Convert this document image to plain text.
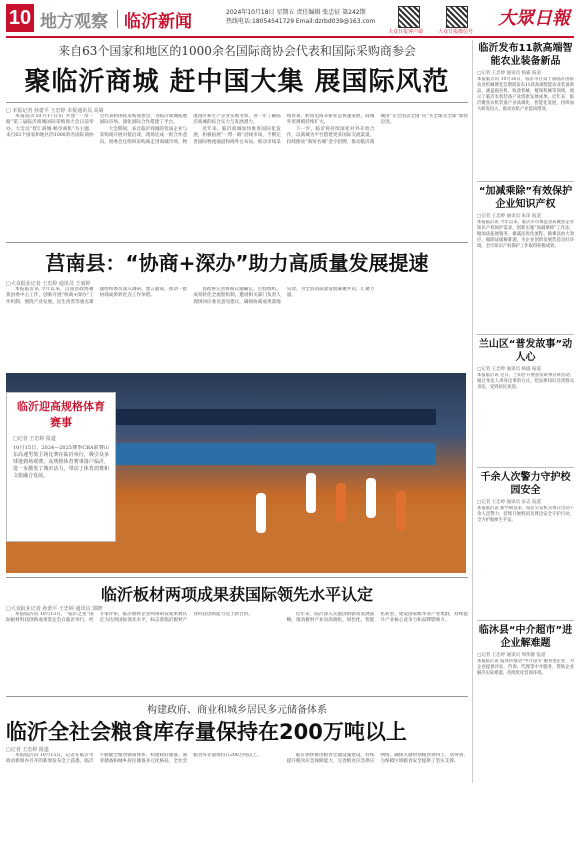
10 地方观察 临沂新闻	2024年10月18日 星期五 责任编辑 张忠征 第242期
热线电话:18054541729 Email:dzrbd039@163.com
大众日报客户端	大众日报微信号
大眾日報
来自63个国家和地区的1000余名国际商协会代表和国际采购商参会
聚临沂商城 赶中国大集 展国际风范
□ 本报记者 孙蕾平 王忠婷 本报通讯员 高婧

本报临沂10月17日讯 共建“一带一路”第三届临沂商城国际采购商大会日前举办。大会以“智汇商城·畅享商机”为主题，来自63个国家和地区的1000余名国际商协会代表和国际采购商参会，为临沂商城拓展国际市场、深化国际合作搭建了平台。

大会期间，来自临沂商城的优质企业与采购商开展对接洽谈，现场达成一批合作意向。组委会还组织采购商走进商城市场、物流园区和生产企业实地考察，进一步了解临沂商城的综合实力与发展潜力。

近年来，临沂商城加快推进国际化发展，积极拓展“一带一路”沿线市场，不断完善国际物流通道和海外仓布局，推动市场采购贸易、跨境电商等新业态快速发展，商城外贸规模持续扩大。

下一步，临沂将持续深化对外开放合作，以商城为平台搭建更多国际交流渠道，持续擦亮“商贸名城”金字招牌，推动临沂商城由“买全国卖全国”向“买全球卖全球”加快迈进。

莒南县：“协商+深办”助力高质量发展提速
□大众报业记者 王忠婷 通讯员 王雨婷

本报临沂讯 今年以来，莒南县政协聚焦县委中心工作，创新开展“协商+深办”工作机制，围绕产业发展、民生改善等重点课题组织委员深入调研、建言献策，推动一批协商成果转化为工作举措。

县政协完善协商议题确定、过程组织、成果转化全流程机制，邀请相关部门负责人现场回应委员意见建议，确保协商成果落地见效，为全县高质量发展凝聚共识、汇聚力量。

临沂板材两项成果获国际领先水平认定
□大众报业记者 孙蕾平 王忠婷 通讯员 郭晓

本报临沂讯 10月13日，“临沂之星”国际板材科技创新成果鉴定会在临沂举行。经专家评审，临沂板材企业两项研发成果被认定为达到国际领先水平，标志着临沂板材产业科技创新能力迈上新台阶。	近年来，临沂深入实施创新驱动发展战略，推动板材产业向高端化、绿色化、智能化转型，建设国家级木业产业集群，持续提升产业核心竞争力和品牌影响力。

构建政府、商业和城乡居民多元储备体系
临沂全社会粮食库存量保持在200万吨以上
□记者 王忠婷 报道

本报临沂讯 10月15日，记者在临沂市政府新闻办召开的新闻发布会上获悉，临沂不断健全粮食储备体系，构建政府储备、商业储备和城乡居民储备多元化格局，全社会粮食库存量保持在200万吨以上。	临沂加快推进粮食仓储设施建设，持续提升粮食应急保障能力，完善粮食应急供应网络，确保关键时刻粮食供得上、送得到，为保障区域粮食安全提供了坚实支撑。

临沂迎高规格体育赛事
□记者 王忠婷 报道
10月15日，2024—2025赛季CBA联赛山东高速男篮主场比赛在临沂举行，吸引众多球迷到场观赛。高规格体育赛事落户临沂，进一步激发了城市活力，带动了体育消费和文旅融合发展。
临沂发布11款高端智能农业装备新品
□记者 王忠婷 通讯员 杨霖 报道
本报临沂讯 10月16日，临沂市在第十届临沂国际农业机械博览会期间发布11款高端智能农业装备新品，涵盖拖拉机、收获机械、植保机械等领域，展示了临沂农机装备产业创新发展成果。近年来，临沂聚焦农机装备产业高端化、智能化发展，持续加大研发投入，推动农机产业提质增效。
“加减乘除”有效保护企业知识产权
□记者 王忠婷 通讯员 朱泽 报道
本报临沂讯 今年以来，临沂市市场监管局聚焦企业知识产权保护需求，创新实施“加减乘除”工作法，做加法拓展服务、做减法优化流程、做乘法放大效应、做除法破解难题，为企业创新发展营造良好环境，全市知识产权保护工作取得积极成效。
兰山区“普发故事”动人心
□记者 王忠婷 通讯员 杨瑜 报道
本报临沂讯 近日，兰山区开展普法故事宣讲活动，通过身边人讲身边事的方式，把法律知识送到群众身边，受到居民欢迎。
千余人次警力守护校园安全
□记者 王忠婷 通讯员 宋志 报道
本报临沂讯 新学期以来，临沂公安机关每日出动千余人次警力，持续开展校园及周边安全守护行动，全力护航师生平安。
临沐县“中介超市”进企业解难题
□记者 王忠婷 通讯员 周伟静 报道
本报临沂讯 临沭县推动“中介超市”服务进企业，为企业提供评估、咨询、代理等中介服务，帮助企业解决实际难题，持续优化营商环境。
